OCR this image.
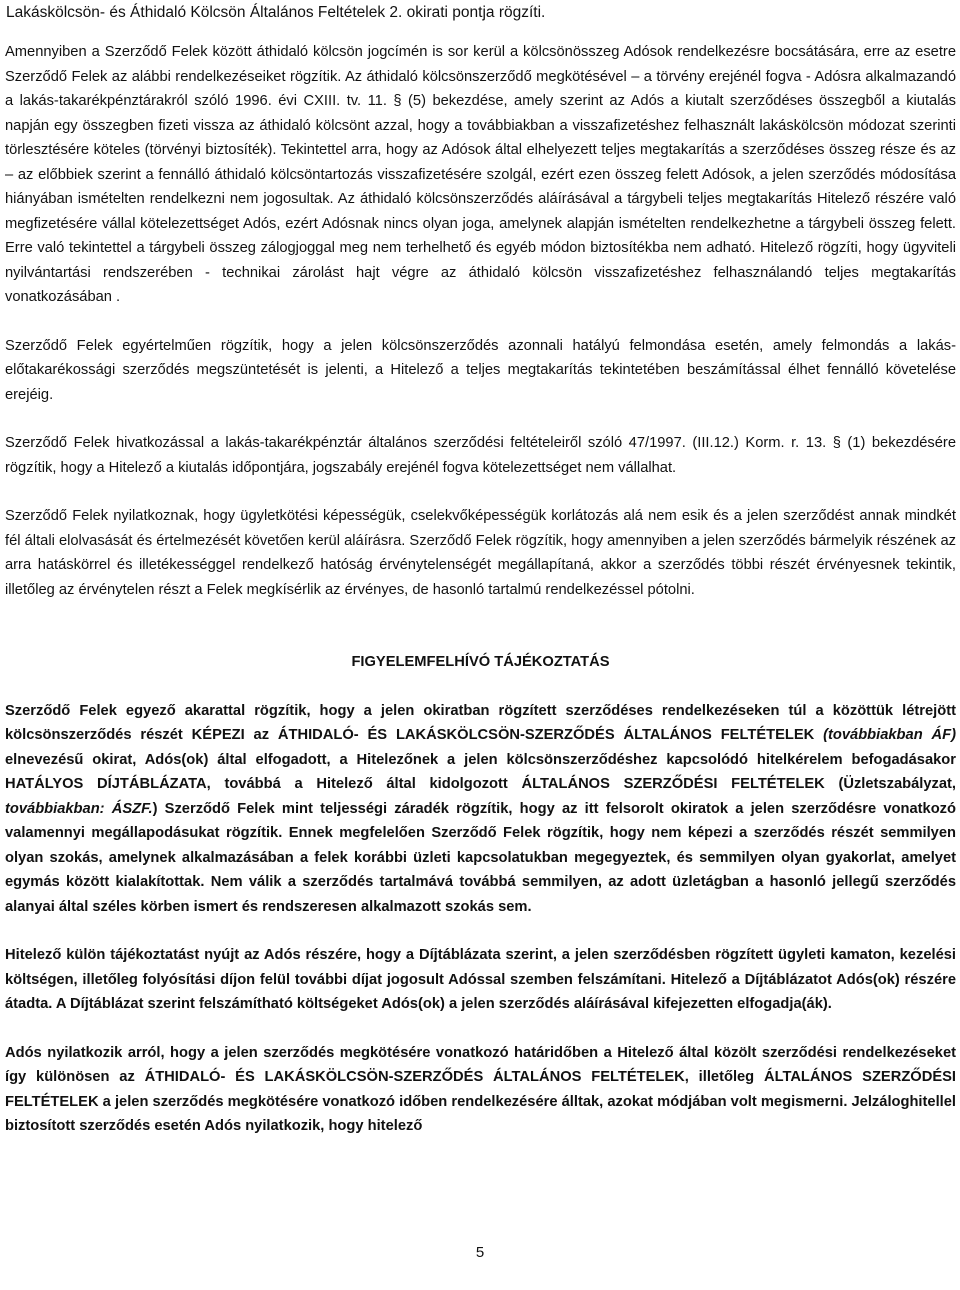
Lakáskölcsön- és Áthidaló Kölcsön Általános Feltételek 2. okirati pontja rögzíti.

Amennyiben a Szerződő Felek között áthidaló kölcsön jogcímén is sor kerül a kölcsönösszeg Adósok rendelkezésre bocsátására, erre az esetre Szerződő Felek az alábbi rendelkezéseiket rögzítik. Az áthidaló kölcsönszerződő megkötésével – a törvény erejénél fogva - Adósra alkalmazandó a lakás-takarékpénztárakról szóló 1996. évi CXIII. tv. 11. § (5) bekezdése, amely szerint az Adós a kiutalt szerződéses összegből a kiutalás napján egy összegben fizeti vissza az áthidaló kölcsönt azzal, hogy a továbbiakban a visszafizetéshez felhasznált lakáskölcsön módozat szerinti törlesztésére köteles (törvényi biztosíték). Tekintettel arra, hogy az Adósok által elhelyezett teljes megtakarítás a szerződéses összeg része és az – az előbbiek szerint a fennálló áthidaló kölcsöntartozás visszafizetésére szolgál, ezért ezen összeg felett Adósok, a jelen szerződés módosítása hiányában ismételten rendelkezni nem jogosultak. Az áthidaló kölcsönszerződés aláírásával a tárgybeli teljes megtakarítás Hitelező részére való megfizetésére vállal kötelezettséget Adós, ezért Adósnak nincs olyan joga, amelynek alapján ismételten rendelkezhetne a tárgybeli összeg felett. Erre való tekintettel a tárgybeli összeg zálogjoggal meg nem terhelhető és egyéb módon biztosítékba nem adható. Hitelező rögzíti, hogy ügyviteli nyilvántartási rendszerében - technikai zárolást hajt végre az áthidaló kölcsön visszafizetéshez felhasználandó teljes megtakarítás vonatkozásában .

Szerződő Felek egyértelműen rögzítik, hogy a jelen kölcsönszerződés azonnali hatályú felmondása esetén, amely felmondás a lakás-előtakarékossági szerződés megszüntetését is jelenti, a Hitelező a teljes megtakarítás tekintetében beszámítással élhet fennálló követelése erejéig.

Szerződő Felek hivatkozással a lakás-takarékpénztár általános szerződési feltételeiről szóló 47/1997. (III.12.) Korm. r. 13. § (1) bekezdésére rögzítik, hogy a Hitelező a kiutalás időpontjára, jogszabály erejénél fogva kötelezettséget nem vállalhat.

Szerződő Felek nyilatkoznak, hogy ügyletkötési képességük, cselekvőképességük korlátozás alá nem esik és a jelen szerződést annak mindkét fél általi elolvasását és értelmezését követően kerül aláírásra. Szerződő Felek rögzítik, hogy amennyiben a jelen szerződés bármelyik részének az arra hatáskörrel és illetékességgel rendelkező hatóság érvénytelenségét megállapítaná, akkor a szerződés többi részét érvényesnek tekintik, illetőleg az érvénytelen részt a Felek megkísérlik az érvényes, de hasonló tartalmú rendelkezéssel pótolni.

FIGYELEMFELHÍVÓ TÁJÉKOZTATÁS

Szerződő Felek egyező akarattal rögzítik, hogy a jelen okiratban rögzített szerződéses rendelkezéseken túl a közöttük létrejött kölcsönszerződés részét KÉPEZI az ÁTHIDALÓ- ÉS LAKÁSKÖLCSÖN-SZERZŐDÉS ÁLTALÁNOS FELTÉTELEK (továbbiakban ÁF) elnevezésű okirat, Adós(ok) által elfogadott, a Hitelezőnek a jelen kölcsönszerződéshez kapcsolódó hitelkérelem befogadásakor HATÁLYOS DÍJTÁBLÁZATA, továbbá a Hitelező által kidolgozott ÁLTALÁNOS SZERZŐDÉSI FELTÉTELEK (Üzletszabályzat, továbbiakban: ÁSZF.) Szerződő Felek mint teljességi záradék rögzítik, hogy az itt felsorolt okiratok a jelen szerződésre vonatkozó valamennyi megállapodásukat rögzítik. Ennek megfelelően Szerződő Felek rögzítik, hogy nem képezi a szerződés részét semmilyen olyan szokás, amelynek alkalmazásában a felek korábbi üzleti kapcsolatukban megegyeztek, és semmilyen olyan gyakorlat, amelyet egymás között kialakítottak. Nem válik a szerződés tartalmává továbbá semmilyen, az adott üzletágban a hasonló jellegű szerződés alanyai által széles körben ismert és rendszeresen alkalmazott szokás sem.

Hitelező külön tájékoztatást nyújt az Adós részére, hogy a Díjtáblázata szerint, a jelen szerződésben rögzített ügyleti kamaton, kezelési költségen, illetőleg folyósítási díjon felül további díjat jogosult Adóssal szemben felszámítani. Hitelező a Díjtáblázatot Adós(ok) részére átadta. A Díjtáblázat szerint felszámítható költségeket Adós(ok) a jelen szerződés aláírásával kifejezetten elfogadja(ák).

Adós nyilatkozik arról, hogy a jelen szerződés megkötésére vonatkozó határidőben a Hitelező által közölt szerződési rendelkezéseket így különösen az ÁTHIDALÓ- ÉS LAKÁSKÖLCSÖN-SZERZŐDÉS ÁLTALÁNOS FELTÉTELEK, illetőleg ÁLTALÁNOS SZERZŐDÉSI FELTÉTELEK a jelen szerződés megkötésére vonatkozó időben rendelkezésére álltak, azokat módjában volt megismerni. Jelzáloghitellel biztosított szerződés esetén Adós nyilatkozik, hogy hitelező

5
